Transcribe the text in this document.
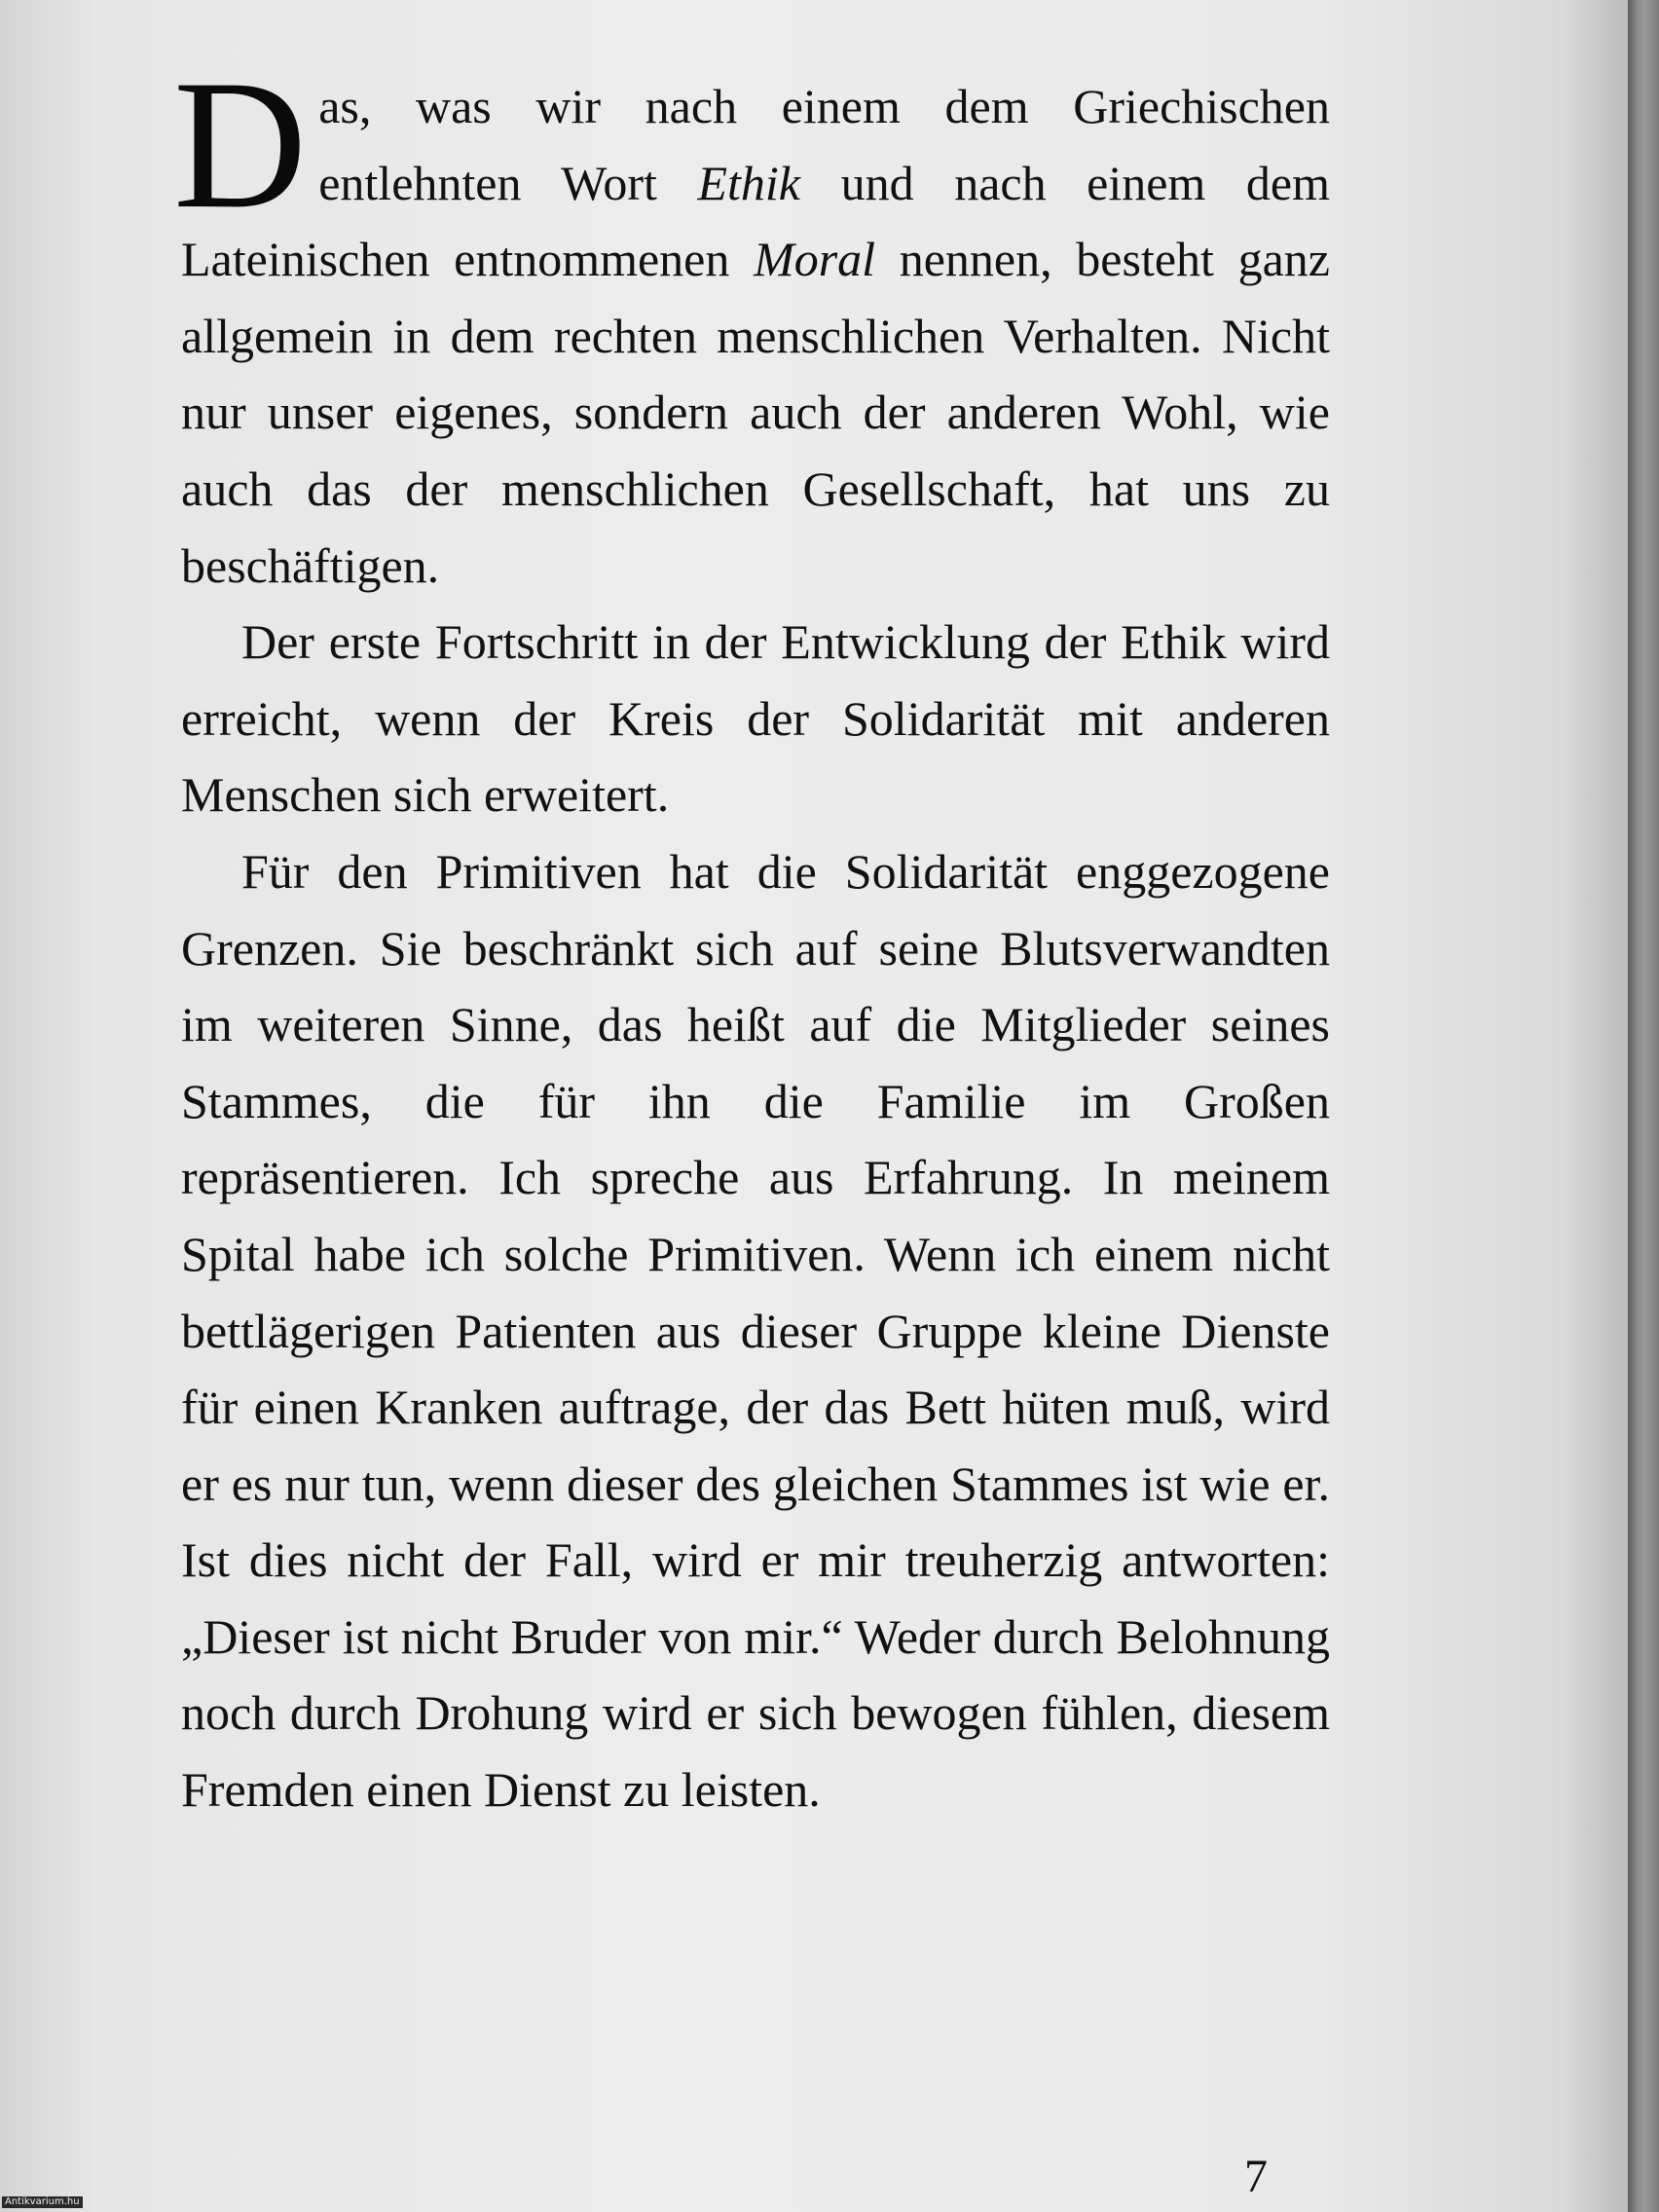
Das, was wir nach einem dem Griechischen entlehnten Wort Ethik und nach einem dem Lateinischen entnommenen Moral nennen, besteht ganz allgemein in dem rechten menschlichen Verhalten. Nicht nur unser eigenes, sondern auch der anderen Wohl, wie auch das der menschlichen Gesellschaft, hat uns zu beschäftigen.

Der erste Fortschritt in der Entwicklung der Ethik wird erreicht, wenn der Kreis der Solidarität mit anderen Menschen sich erweitert.

Für den Primitiven hat die Solidarität enggezogene Grenzen. Sie beschränkt sich auf seine Blutsverwandten im weiteren Sinne, das heißt auf die Mitglieder seines Stammes, die für ihn die Familie im Großen repräsentieren. Ich spreche aus Erfahrung. In meinem Spital habe ich solche Primitiven. Wenn ich einem nicht bettlägerigen Patienten aus dieser Gruppe kleine Dienste für einen Kranken auftrage, der das Bett hüten muß, wird er es nur tun, wenn dieser des gleichen Stammes ist wie er. Ist dies nicht der Fall, wird er mir treuherzig antworten: „Dieser ist nicht Bruder von mir.“ Weder durch Belohnung noch durch Drohung wird er sich bewogen fühlen, diesem Fremden einen Dienst zu leisten.

7
Antikvarium.hu
